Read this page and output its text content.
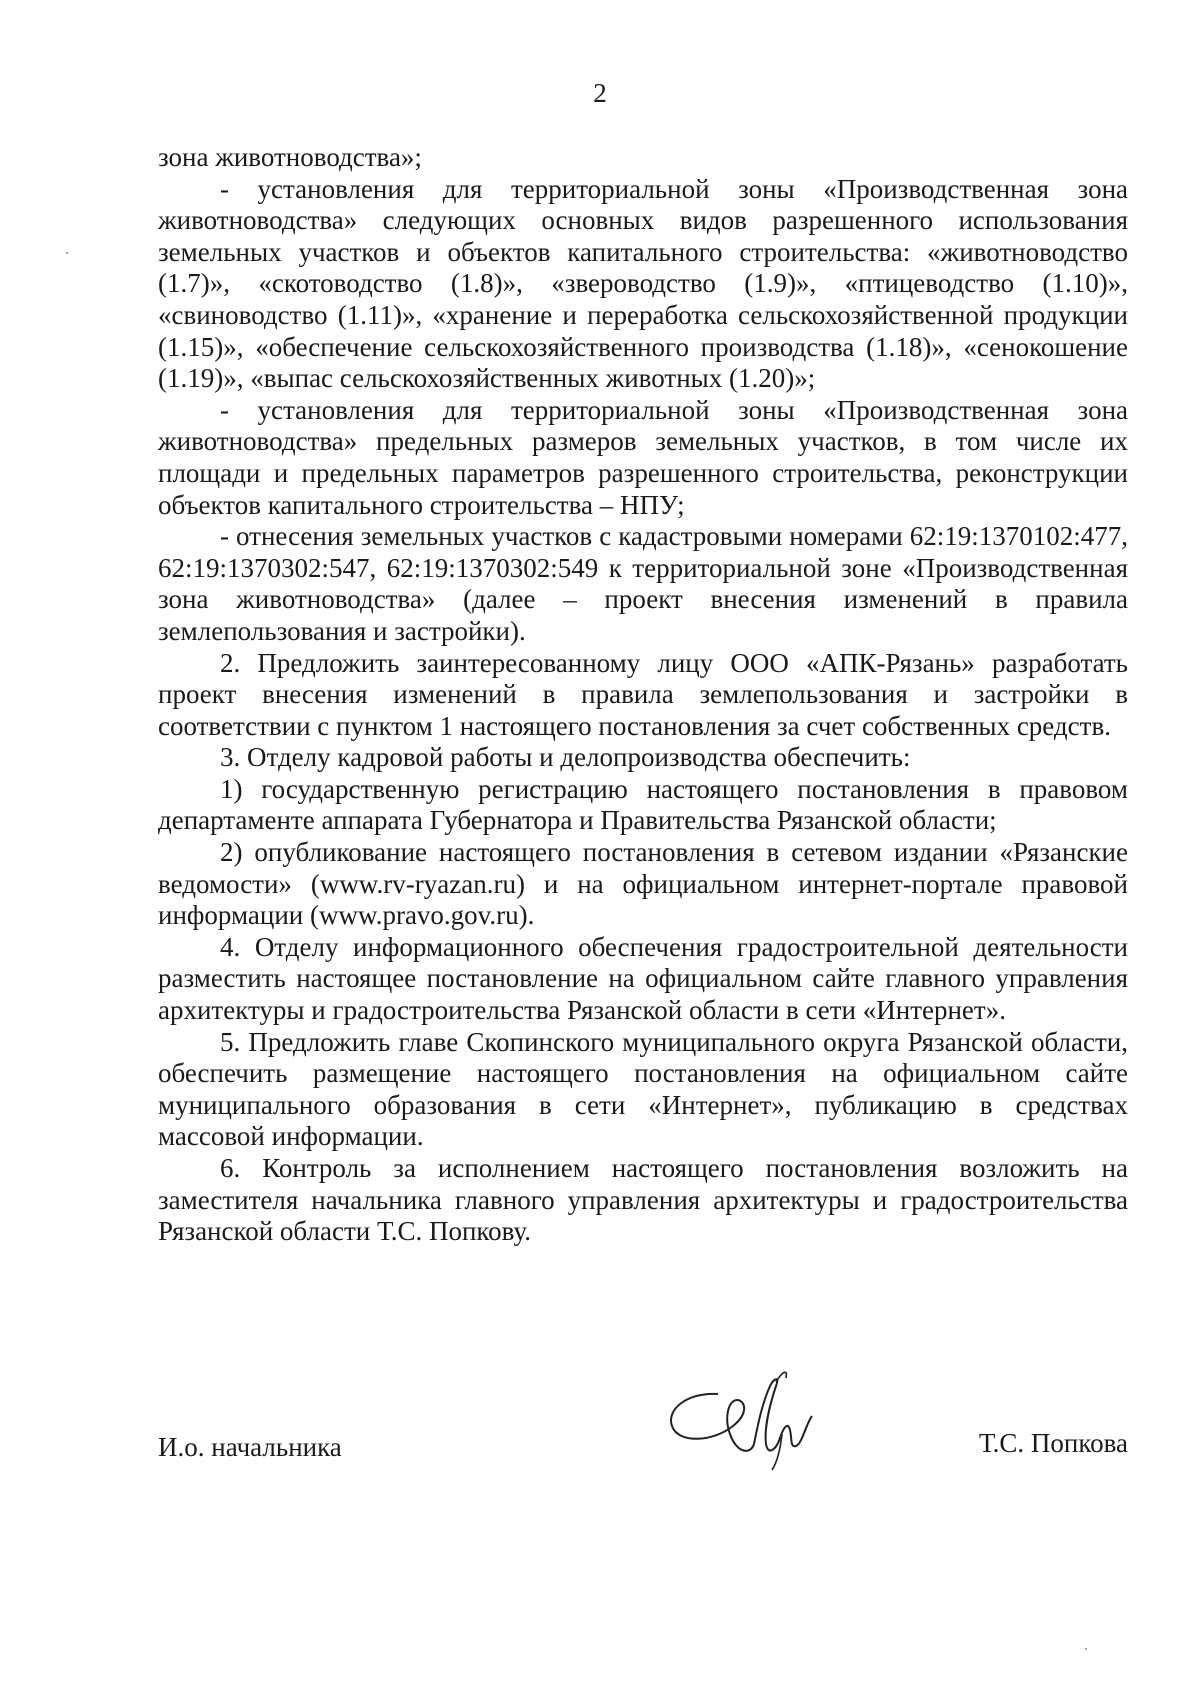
2

зона животноводства»;

- установления для территориальной зоны «Производственная зона животноводства» следующих основных видов разрешенного использования земельных участков и объектов капитального строительства: «животноводство (1.7)», «скотоводство (1.8)», «звероводство (1.9)», «птицеводство (1.10)», «свиноводство (1.11)», «хранение и переработка сельскохозяйственной продукции (1.15)», «обеспечение сельскохозяйственного производства (1.18)», «сенокошение (1.19)», «выпас сельскохозяйственных животных (1.20)»;

- установления для территориальной зоны «Производственная зона животноводства» предельных размеров земельных участков, в том числе их площади и предельных параметров разрешенного строительства, реконструкции объектов капитального строительства – НПУ;

- отнесения земельных участков с кадастровыми номерами 62:19:1370102:477, 62:19:1370302:547, 62:19:1370302:549 к территориальной зоне «Производственная зона животноводства» (далее – проект внесения изменений в правила землепользования и застройки).

2. Предложить заинтересованному лицу ООО «АПК-Рязань» разработать проект внесения изменений в правила землепользования и застройки в соответствии с пунктом 1 настоящего постановления за счет собственных средств.

3. Отделу кадровой работы и делопроизводства обеспечить:

1) государственную регистрацию настоящего постановления в правовом департаменте аппарата Губернатора и Правительства Рязанской области;

2) опубликование настоящего постановления в сетевом издании «Рязанские ведомости» (www.rv-ryazan.ru) и на официальном интернет-портале правовой информации (www.pravo.gov.ru).

4. Отделу информационного обеспечения градостроительной деятельности разместить настоящее постановление на официальном сайте главного управления архитектуры и градостроительства Рязанской области в сети «Интернет».

5. Предложить главе Скопинского муниципального округа Рязанской области, обеспечить размещение настоящего постановления на официальном сайте муниципального образования в сети «Интернет», публикацию в средствах массовой информации.

6. Контроль за исполнением настоящего постановления возложить на заместителя начальника главного управления архитектуры и градостроительства Рязанской области Т.С. Попкову.

И.о. начальника	Т.С. Попкова
